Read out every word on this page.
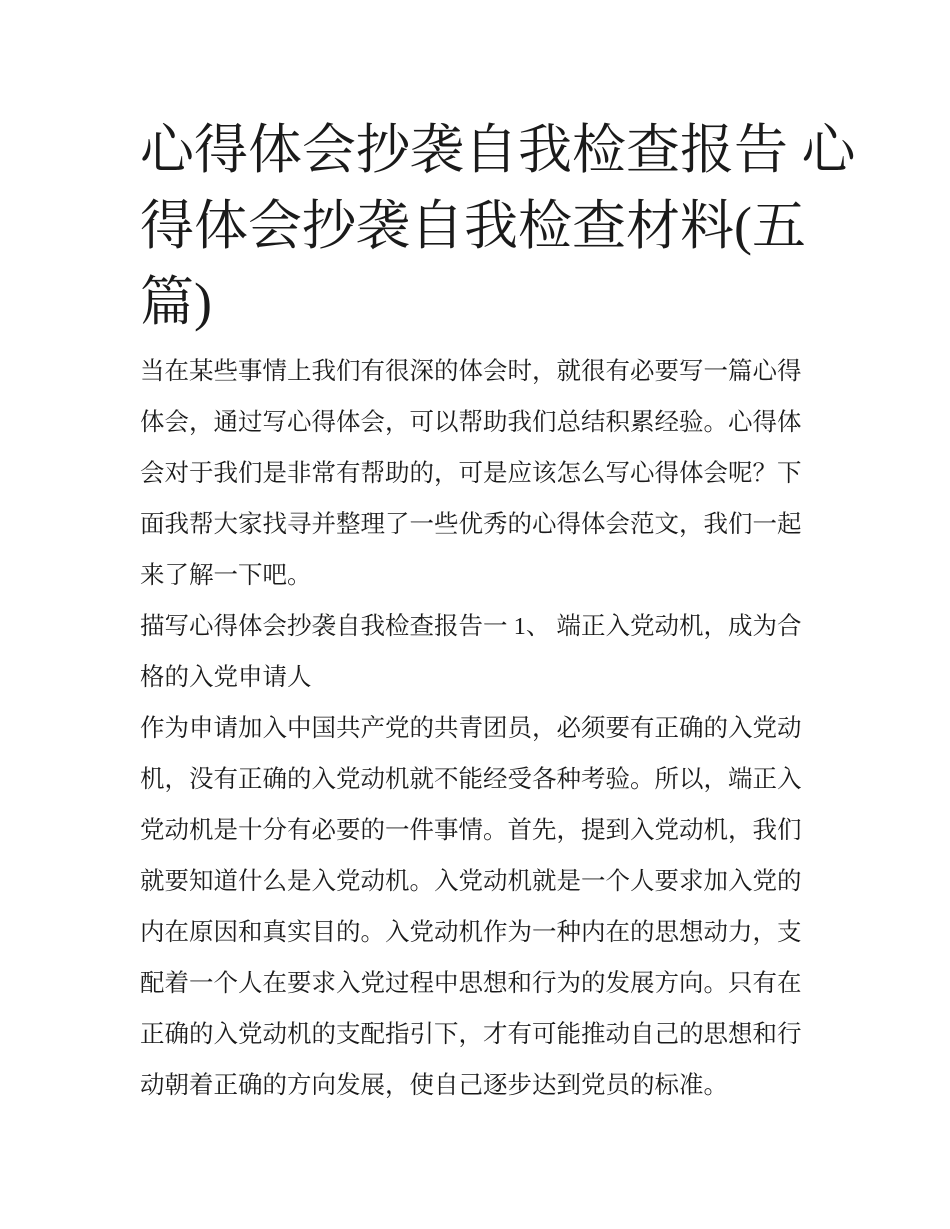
心得体会抄袭自我检查报告 心
得体会抄袭自我检查材料(五
篇)

当在某些事情上我们有很深的体会时，就很有必要写一篇心得
体会，通过写心得体会，可以帮助我们总结积累经验。心得体
会对于我们是非常有帮助的，可是应该怎么写心得体会呢？下
面我帮大家找寻并整理了一些优秀的心得体会范文，我们一起
来了解一下吧。

描写心得体会抄袭自我检查报告一 1、 端正入党动机，成为合
格的入党申请人

作为申请加入中国共产党的共青团员，必须要有正确的入党动
机，没有正确的入党动机就不能经受各种考验。所以，端正入
党动机是十分有必要的一件事情。首先，提到入党动机，我们
就要知道什么是入党动机。入党动机就是一个人要求加入党的
内在原因和真实目的。入党动机作为一种内在的思想动力，支
配着一个人在要求入党过程中思想和行为的发展方向。只有在
正确的入党动机的支配指引下，才有可能推动自己的思想和行
动朝着正确的方向发展，使自己逐步达到党员的标准。
